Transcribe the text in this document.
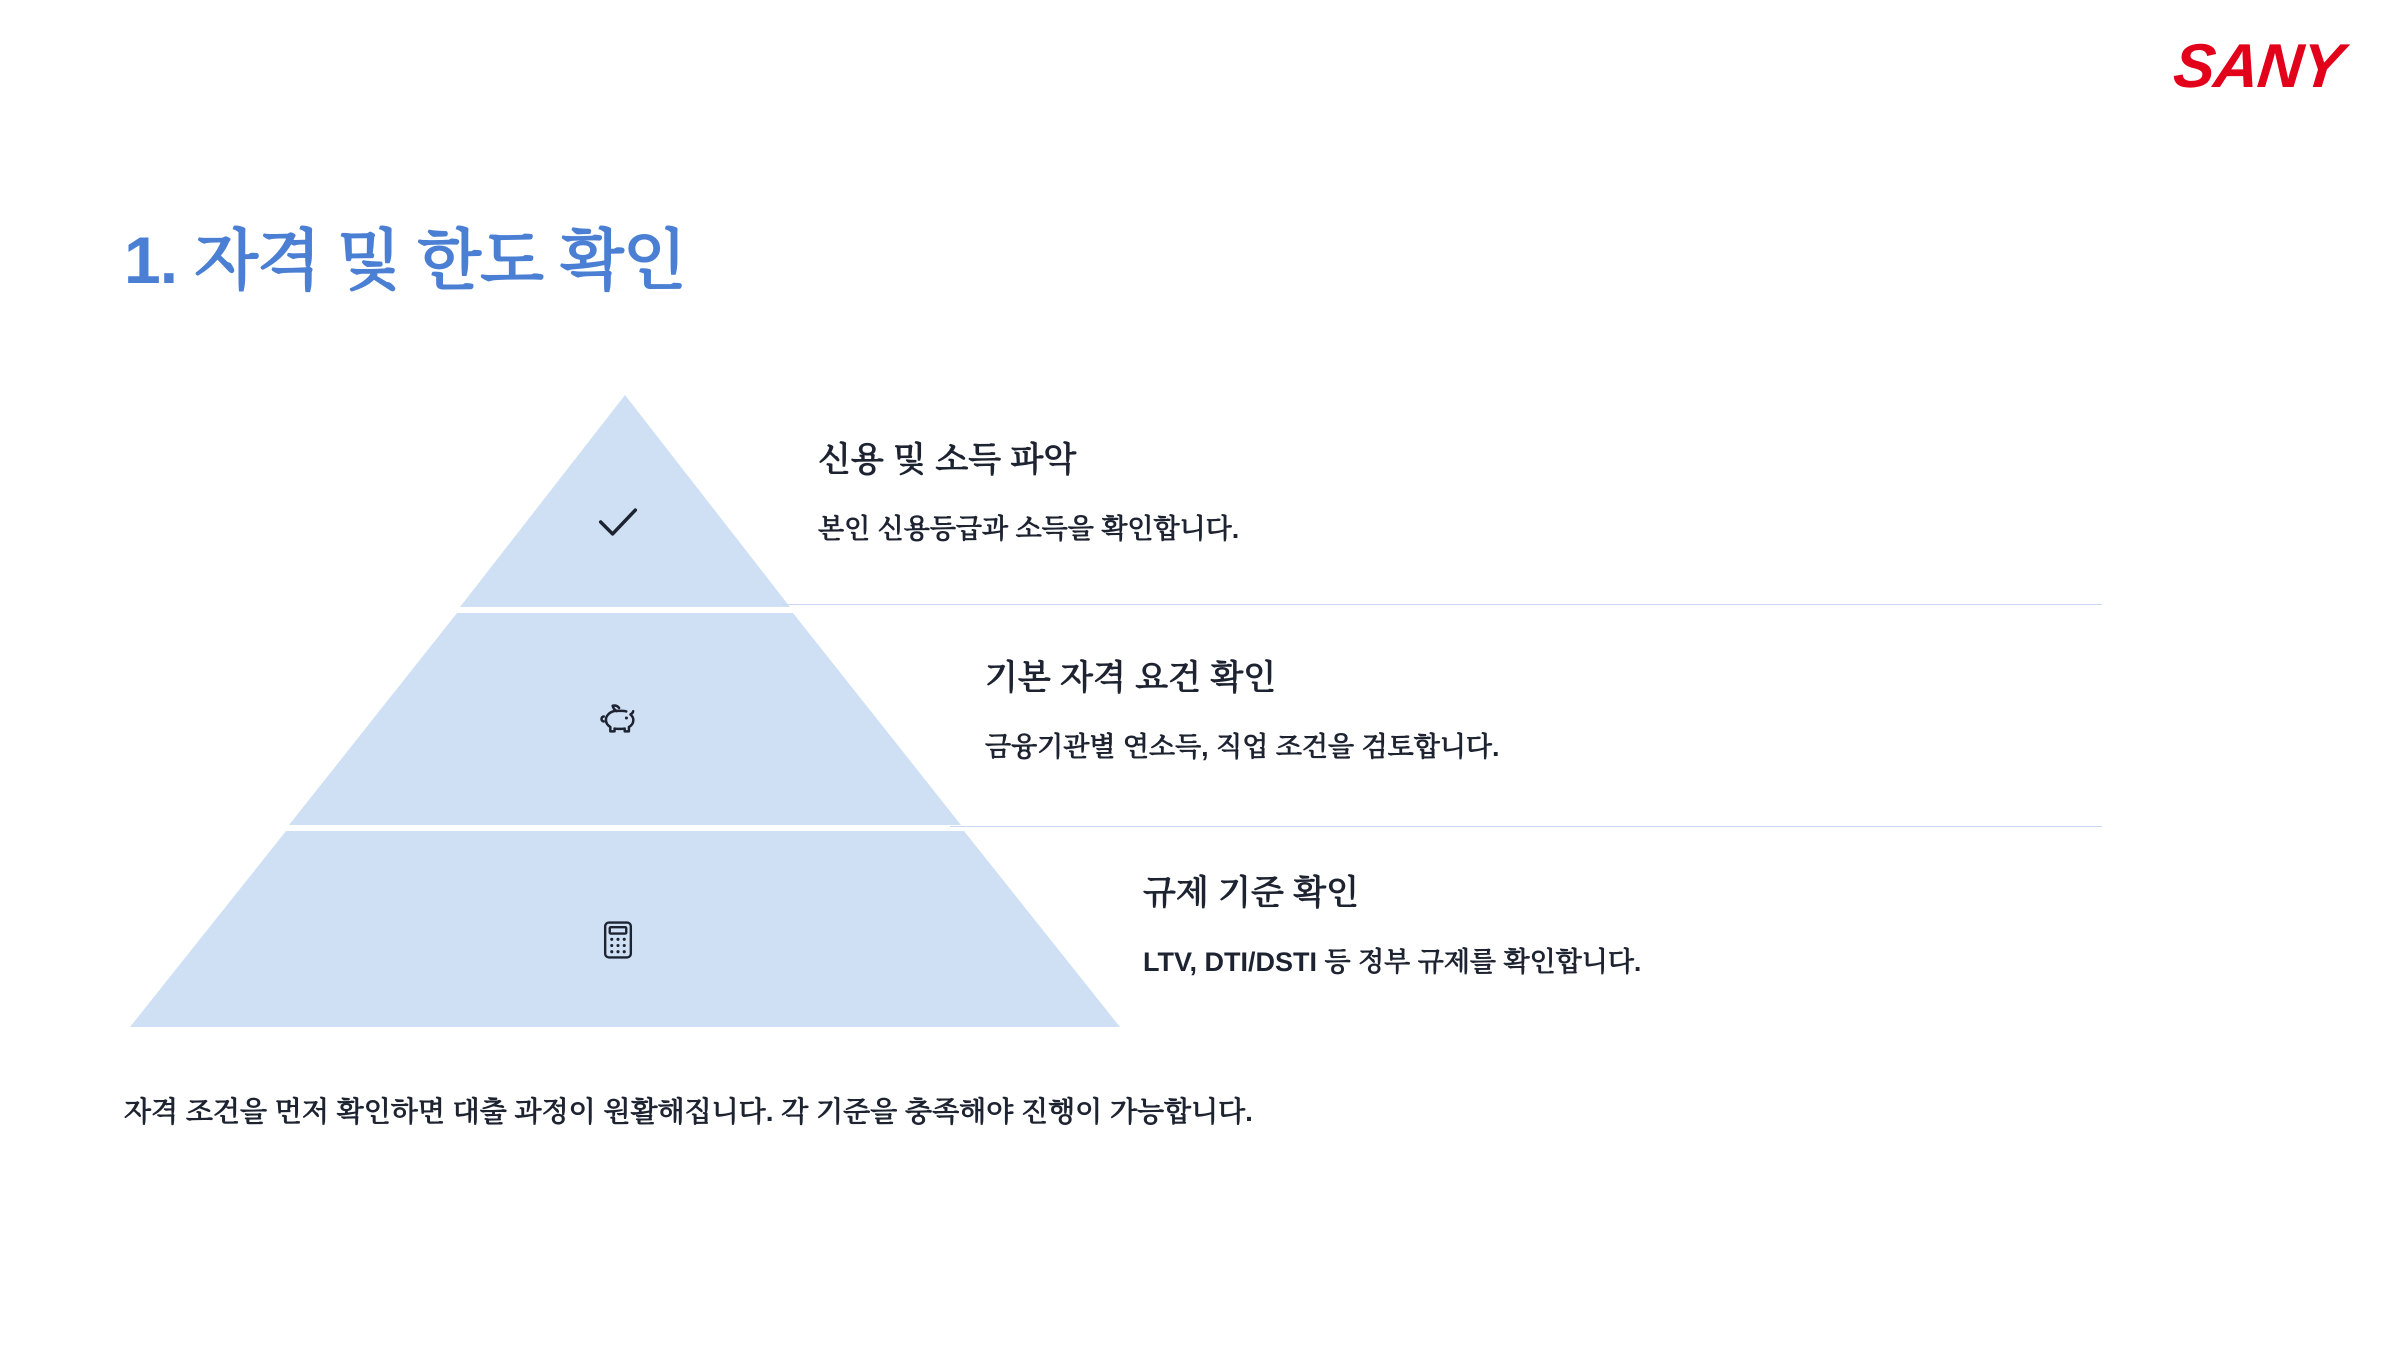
SANY
1. 자격 및 한도 확인
신용 및 소득 파악
본인 신용등급과 소득을 확인합니다.
기본 자격 요건 확인
금융기관별 연소득, 직업 조건을 검토합니다.
규제 기준 확인
LTV, DTI/DSTI 등 정부 규제를 확인합니다.
자격 조건을 먼저 확인하면 대출 과정이 원활해집니다. 각 기준을 충족해야 진행이 가능합니다.
